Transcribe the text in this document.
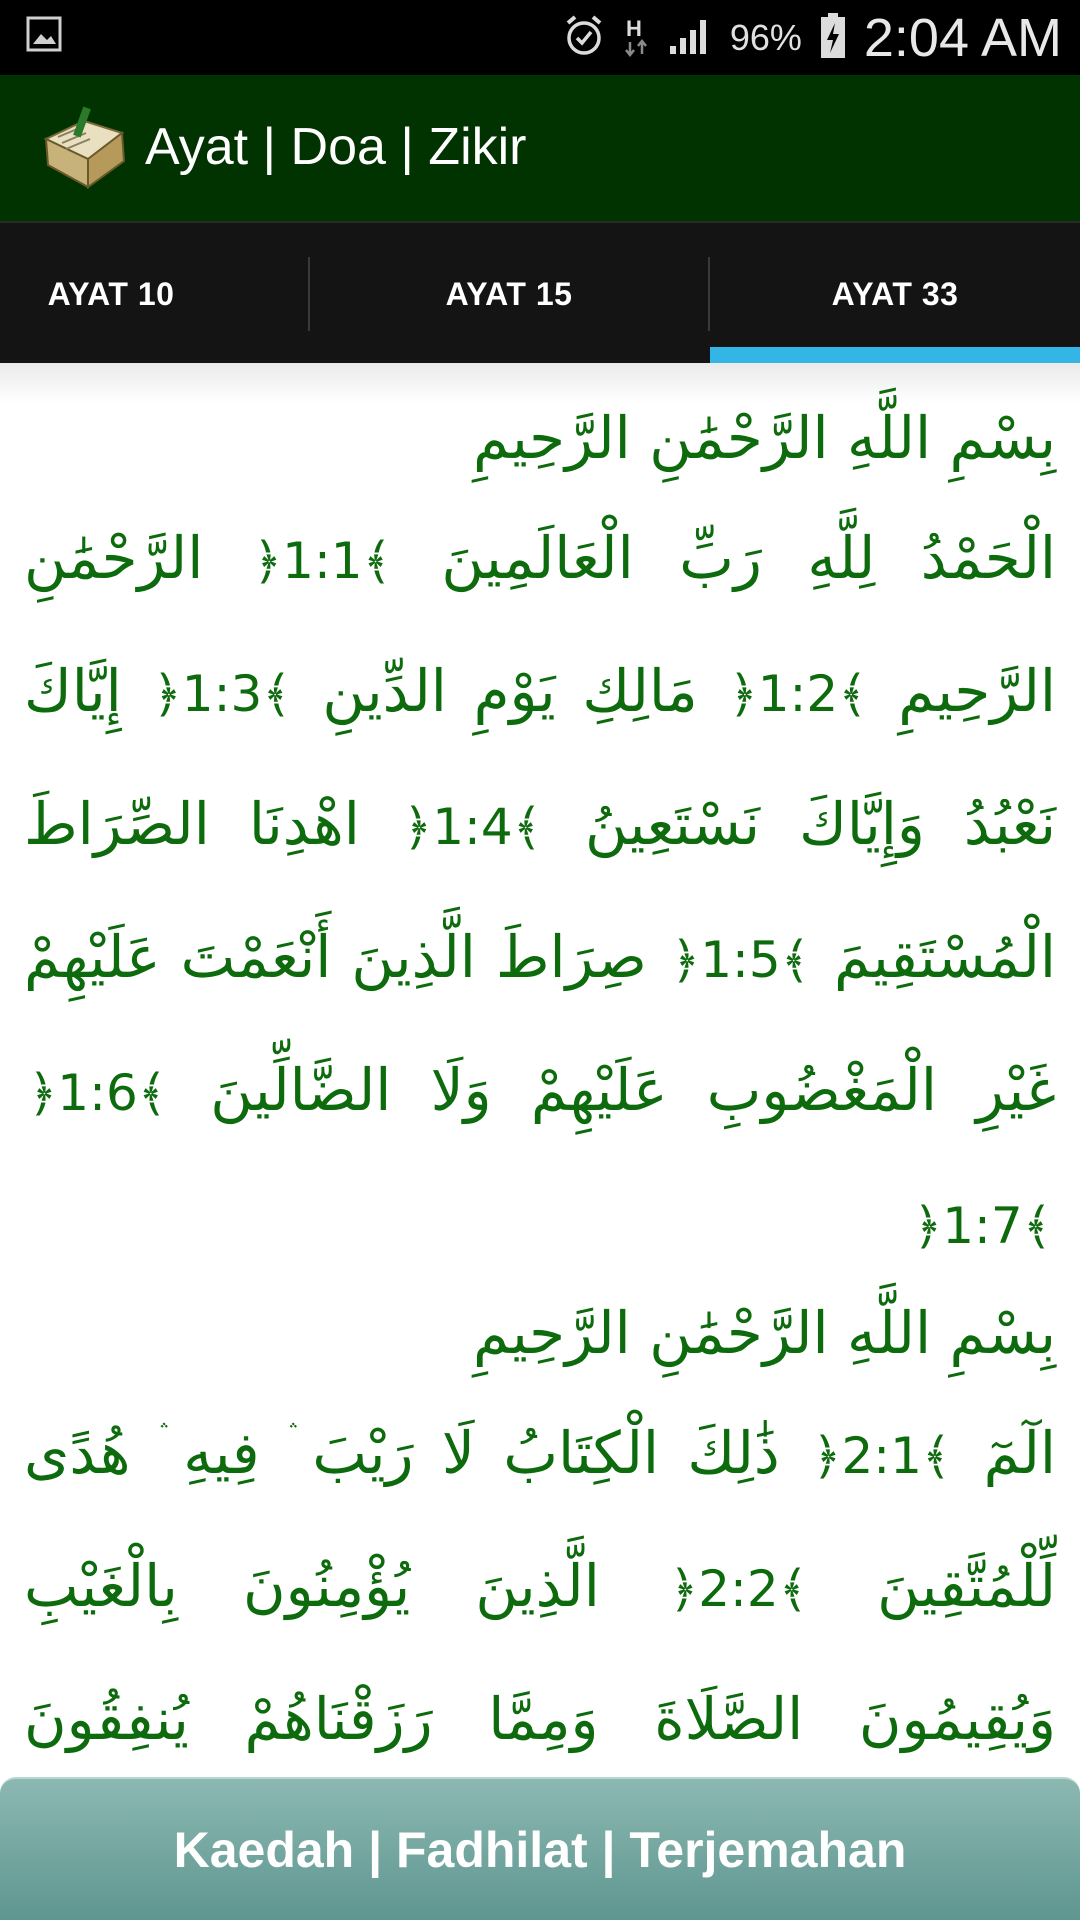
H 96% 2:04 AM
Ayat | Doa | Zikir
AYAT 10	AYAT 15	AYAT 33
بِسْمِ اللَّهِ الرَّحْمَٰنِ الرَّحِيمِ
الْحَمْدُ لِلَّهِ رَبِّ الْعَالَمِينَ ﴿1:1﴾ الرَّحْمَٰنِ الرَّحِيمِ ﴿1:2﴾ مَالِكِ يَوْمِ الدِّينِ ﴿1:3﴾ إِيَّاكَ نَعْبُدُ وَإِيَّاكَ نَسْتَعِينُ ﴿1:4﴾ اهْدِنَا الصِّرَاطَ الْمُسْتَقِيمَ ﴿1:5﴾ صِرَاطَ الَّذِينَ أَنْعَمْتَ عَلَيْهِمْ غَيْرِ الْمَغْضُوبِ عَلَيْهِمْ وَلَا الضَّالِّينَ ﴿1:6﴾ ﴿1:7﴾
بِسْمِ اللَّهِ الرَّحْمَٰنِ الرَّحِيمِ
الٓمٓ ﴿2:1﴾ ذَٰلِكَ الْكِتَابُ لَا رَيْبَ ۛ فِيهِ ۛ هُدًى لِّلْمُتَّقِينَ ﴿2:2﴾ الَّذِينَ يُؤْمِنُونَ بِالْغَيْبِ وَيُقِيمُونَ الصَّلَاةَ وَمِمَّا رَزَقْنَاهُمْ يُنفِقُونَ
Kaedah | Fadhilat | Terjemahan
